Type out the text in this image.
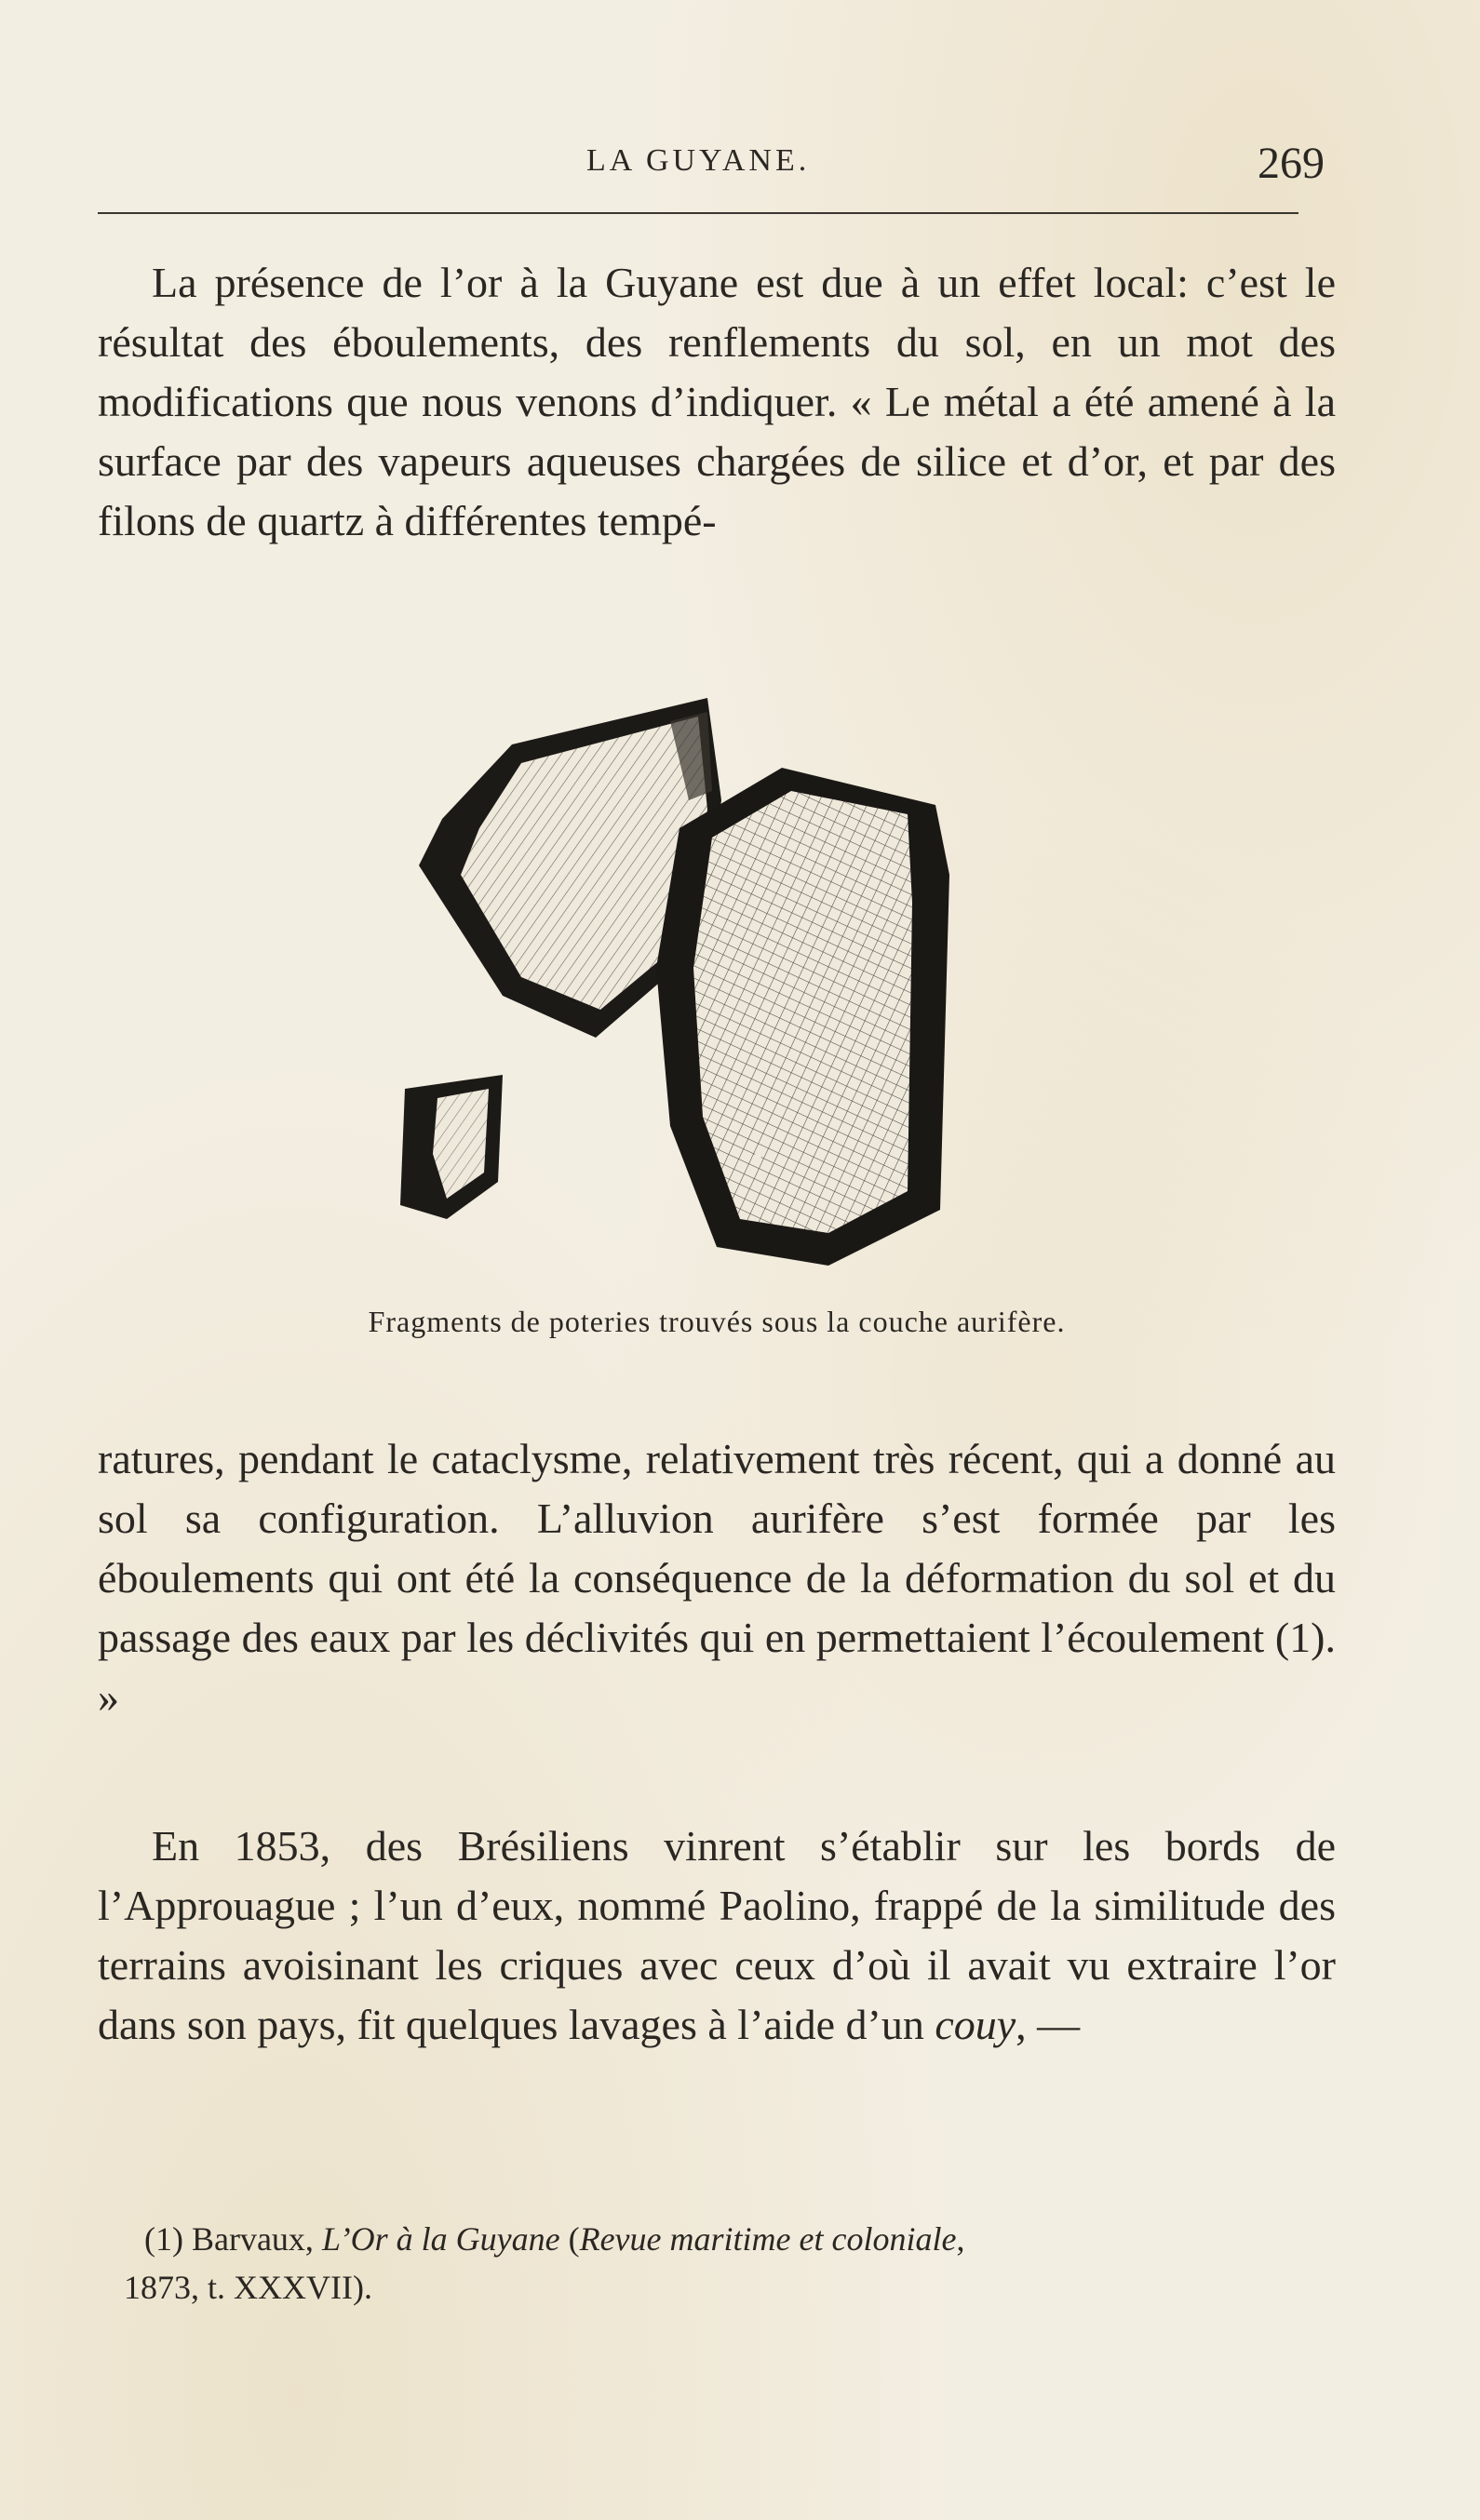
LA GUYANE.	269

La présence de l’or à la Guyane est due à un effet local: c’est le résultat des éboulements, des renflements du sol, en un mot des modifications que nous venons d’indiquer. « Le métal a été amené à la surface par des vapeurs aqueuses chargées de silice et d’or, et par des filons de quartz à différentes tempé-

Fragments de poteries trouvés sous la couche aurifère.

ratures, pendant le cataclysme, relativement très récent, qui a donné au sol sa configuration. L’alluvion aurifère s’est formée par les éboulements qui ont été la conséquence de la déformation du sol et du passage des eaux par les déclivités qui en permettaient l’écoulement (1). »

En 1853, des Brésiliens vinrent s’établir sur les bords de l’Approuague ; l’un d’eux, nommé Paolino, frappé de la similitude des terrains avoisinant les criques avec ceux d’où il avait vu extraire l’or dans son pays, fit quelques lavages à l’aide d’un couy, —

(1) Barvaux, L’Or à la Guyane (Revue maritime et coloniale,
1873, t. XXXVII).
